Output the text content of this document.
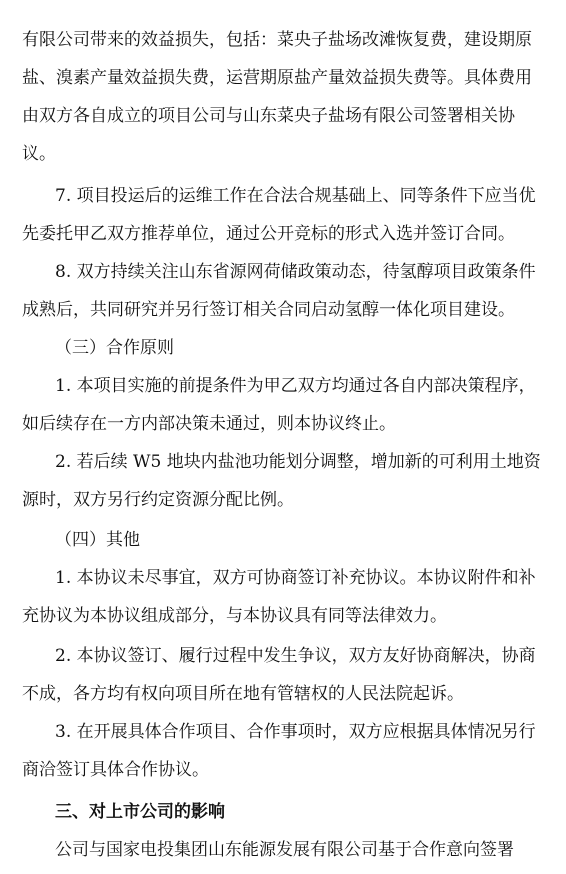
有限公司带来的效益损失，包括：菜央子盐场改滩恢复费，建设期原
盐、溴素产量效益损失费，运营期原盐产量效益损失费等。具体费用
由双方各自成立的项目公司与山东菜央子盐场有限公司签署相关协
议。
7. 项目投运后的运维工作在合法合规基础上、同等条件下应当优
先委托甲乙双方推荐单位，通过公开竞标的形式入选并签订合同。
8. 双方持续关注山东省源网荷储政策动态，待氢醇项目政策条件
成熟后，共同研究并另行签订相关合同启动氢醇一体化项目建设。
（三）合作原则
1. 本项目实施的前提条件为甲乙双方均通过各自内部决策程序，
如后续存在一方内部决策未通过，则本协议终止。
2. 若后续 W5 地块内盐池功能划分调整，增加新的可利用土地资
源时，双方另行约定资源分配比例。
（四）其他
1. 本协议未尽事宜，双方可协商签订补充协议。本协议附件和补
充协议为本协议组成部分，与本协议具有同等法律效力。
2. 本协议签订、履行过程中发生争议，双方友好协商解决，协商
不成，各方均有权向项目所在地有管辖权的人民法院起诉。
3. 在开展具体合作项目、合作事项时，双方应根据具体情况另行
商洽签订具体合作协议。
三、对上市公司的影响
公司与国家电投集团山东能源发展有限公司基于合作意向签署
